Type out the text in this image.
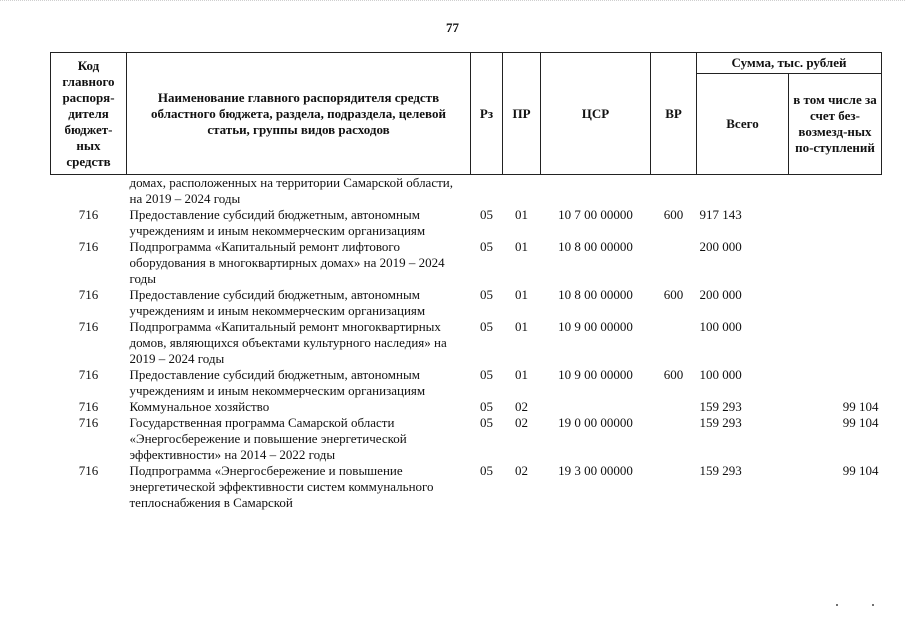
77
Код главного распоря-дителя бюджет-ных средств	Наименование главного распорядителя средств областного бюджета, раздела, подраздела, целевой статьи, группы видов расходов	Рз	ПР	ЦСР	ВР	Сумма, тыс. рублей	
						Всего	в том числе за счет без-возмезд-ных по-ступлений
	домах, расположенных на территории Самарской области, на 2019 – 2024 годы						
716	Предоставление субсидий бюджетным, автономным учреждениям и иным некоммерческим организациям	05	01	10 7 00 00000	600	917 143	
716	Подпрограмма «Капитальный ремонт лифтового оборудования в многоквартирных домах» на 2019 – 2024 годы	05	01	10 8 00 00000		200 000	
716	Предоставление субсидий бюджетным, автономным учреждениям и иным некоммерческим организациям	05	01	10 8 00 00000	600	200 000	
716	Подпрограмма «Капитальный ремонт многоквартирных домов, являющихся объектами культурного наследия» на 2019 – 2024 годы	05	01	10 9 00 00000		100 000	
716	Предоставление субсидий бюджетным, автономным учреждениям и иным некоммерческим организациям	05	01	10 9 00 00000	600	100 000	
716	Коммунальное хозяйство	05	02			159 293	99 104
716	Государственная программа Самарской области «Энергосбережение и повышение энергетической эффективности» на 2014 – 2022 годы	05	02	19 0 00 00000		159 293	99 104
716	Подпрограмма «Энергосбережение и повышение энергетической эффективности систем коммунального теплоснабжения в Самарской	05	02	19 3 00 00000		159 293	99 104
